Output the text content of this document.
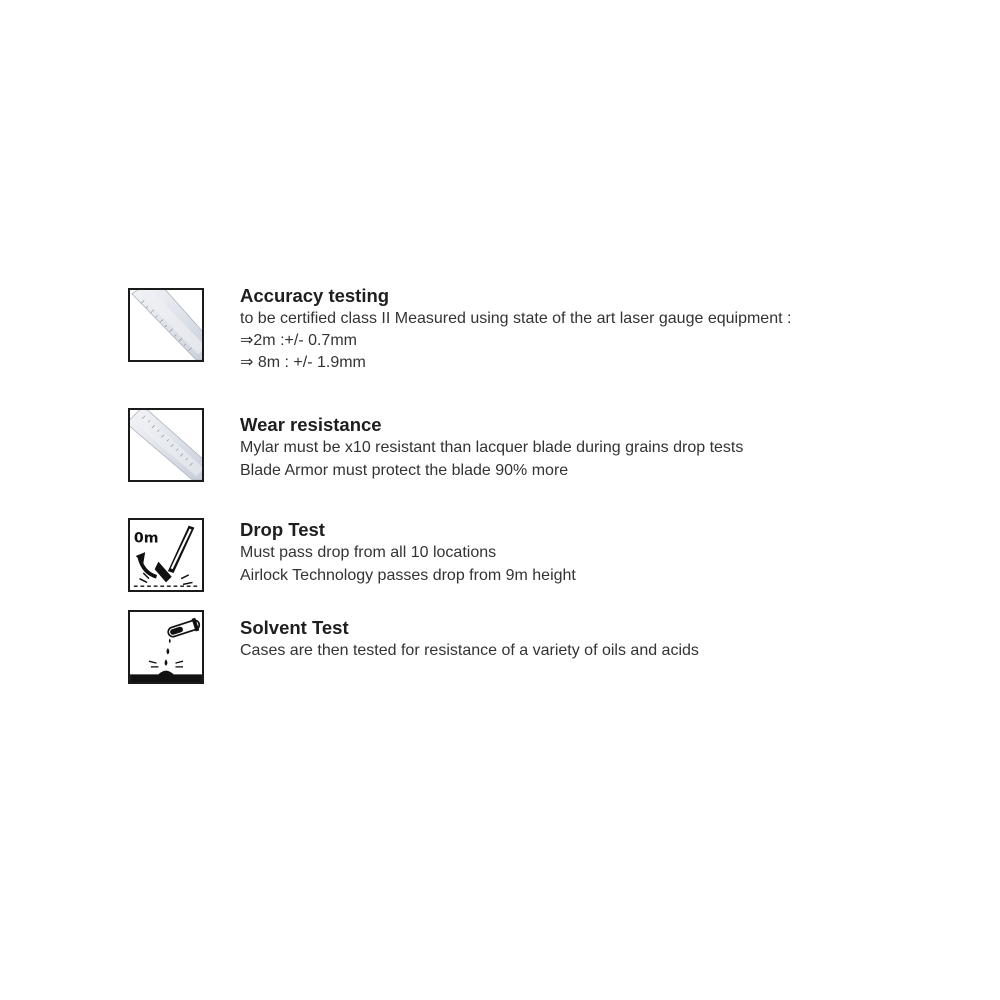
· ·
· ·
· ·

Accuracy testing

to be certified class II Measured using state of the art laser gauge equipment :

⇒2m :+/- 0.7mm

⇒ 8m : +/- 1.9mm

· ·
· ·

Wear resistance

Mylar must be x10 resistant than lacquer blade during grains drop tests

Blade Armor must protect the blade 90% more

0m	Drop Test

Must pass drop from all 10 locations

Airlock Technology passes drop from 9m height

Solvent Test

Cases are then tested for resistance of a variety of oils and acids
